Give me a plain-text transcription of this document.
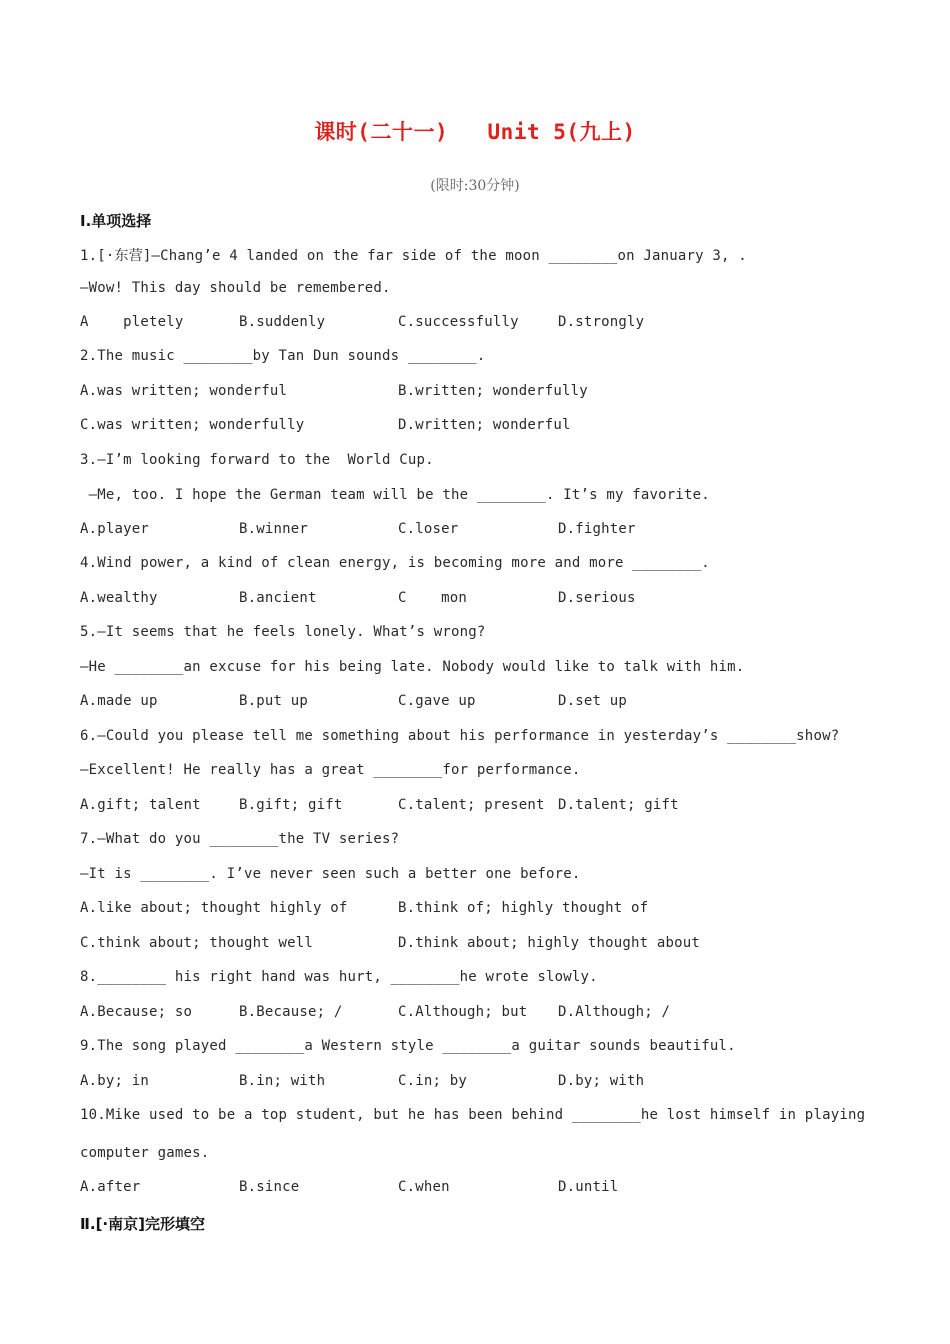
课时(二十一)   Unit 5(九上)
(限时:30分钟)
Ⅰ.单项选择
1.[·东营]—Chang’e 4 landed on the far side of the moon ________on January 3, .
—Wow! This day should be remembered.
A    pletely	B.suddenly	C.successfully	D.strongly
2.The music ________by Tan Dun sounds ________.
A.was written; wonderful	B.written; wonderfully
C.was written; wonderfully	D.written; wonderful
3.—I’m looking forward to the  World Cup.
—Me, too. I hope the German team will be the ________. It’s my favorite.
A.player	B.winner	C.loser	D.fighter
4.Wind power, a kind of clean energy, is becoming more and more ________.
A.wealthy	B.ancient	C    mon	D.serious
5.—It seems that he feels lonely. What’s wrong?
—He ________an excuse for his being late. Nobody would like to talk with him.
A.made up	B.put up	C.gave up	D.set up
6.—Could you please tell me something about his performance in yesterday’s ________show?
—Excellent! He really has a great ________for performance.
A.gift; talent	B.gift; gift	C.talent; present D.talent; gift
7.—What do you ________the TV series?
—It is ________. I’ve never seen such a better one before.
A.like about; thought highly of	B.think of; highly thought of
C.think about; thought well	D.think about; highly thought about
8.________ his right hand was hurt, ________he wrote slowly.
A.Because; so	B.Because; /	C.Although; but D.Although; /
9.The song played ________a Western style ________a guitar sounds beautiful.
A.by; in	B.in; with	C.in; by	D.by; with
10.Mike used to be a top student, but he has been behind ________he lost himself in playing
computer games.
A.after	B.since	C.when	D.until
Ⅱ.[·南京]完形填空
